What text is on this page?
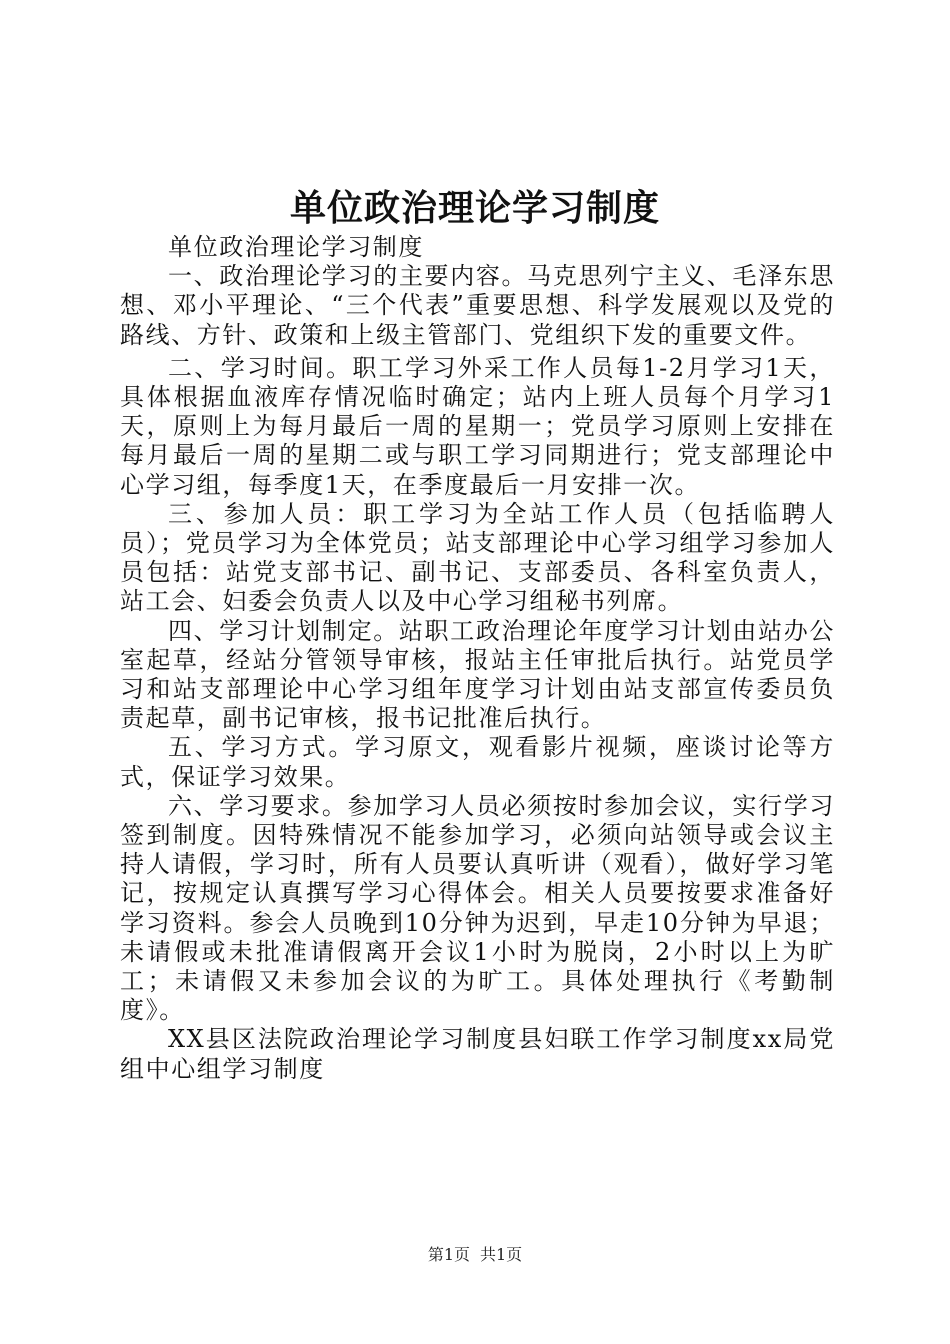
单位政治理论学习制度

单位政治理论学习制度

一、政治理论学习的主要内容。马克思列宁主义、毛泽东思想、邓小平理论、“三个代表”重要思想、科学发展观以及党的路线、方针、政策和上级主管部门、党组织下发的重要文件。

二、学习时间。职工学习外采工作人员每1-2月学习1天，具体根据血液库存情况临时确定；站内上班人员每个月学习1天，原则上为每月最后一周的星期一；党员学习原则上安排在每月最后一周的星期二或与职工学习同期进行；党支部理论中心学习组，每季度1天，在季度最后一月安排一次。

三、参加人员：职工学习为全站工作人员（包括临聘人员）；党员学习为全体党员；站支部理论中心学习组学习参加人员包括：站党支部书记、副书记、支部委员、各科室负责人，站工会、妇委会负责人以及中心学习组秘书列席。

四、学习计划制定。站职工政治理论年度学习计划由站办公室起草，经站分管领导审核，报站主任审批后执行。站党员学习和站支部理论中心学习组年度学习计划由站支部宣传委员负责起草，副书记审核，报书记批准后执行。

五、学习方式。学习原文，观看影片视频，座谈讨论等方式，保证学习效果。

六、学习要求。参加学习人员必须按时参加会议，实行学习签到制度。因特殊情况不能参加学习，必须向站领导或会议主持人请假，学习时，所有人员要认真听讲（观看），做好学习笔记，按规定认真撰写学习心得体会。相关人员要按要求准备好学习资料。参会人员晚到10分钟为迟到，早走10分钟为早退；未请假或未批准请假离开会议1小时为脱岗，2小时以上为旷工；未请假又未参加会议的为旷工。具体处理执行《考勤制度》。

XX县区法院政治理论学习制度县妇联工作学习制度xx局党组中心组学习制度

第1页 共1页
